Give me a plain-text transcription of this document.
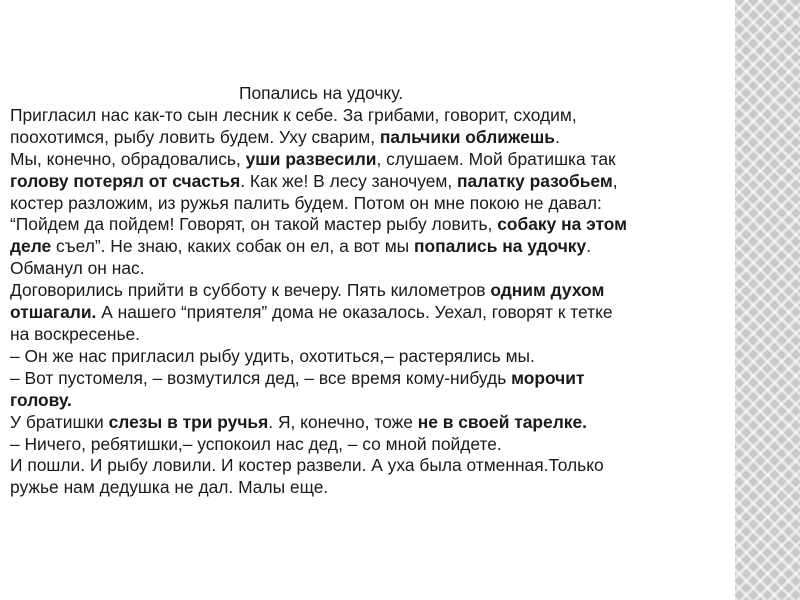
Попались на удочку.
Пригласил нас как-то сын лесник к себе. За грибами, говорит, сходим,
поохотимся, рыбу ловить будем. Уху сварим, пальчики оближешь.
Мы, конечно, обрадовались, уши развесили, слушаем. Мой братишка так
голову потерял от счастья. Как же! В лесу заночуем, палатку разобьем,
костер разложим, из ружья палить будем. Потом он мне покою не давал:
“Пойдем да пойдем! Говорят, он такой мастер рыбу ловить, собаку на этом
деле съел”. Не знаю, каких собак он ел, а вот мы попались на удочку.
Обманул он нас.
Договорились прийти в субботу к вечеру. Пять километров одним духом
отшагали. А нашего “приятеля” дома не оказалось. Уехал, говорят к тетке
на воскресенье.
– Он же нас пригласил рыбу удить, охотиться,– растерялись мы.
– Вот пустомеля, – возмутился дед, – все время кому-нибудь морочит
голову.
У братишки слезы в три ручья. Я, конечно, тоже не в своей тарелке.
– Ничего, ребятишки,– успокоил нас дед, – со мной пойдете.
И пошли. И рыбу ловили. И костер развели. А уха была отменная.Только
ружье нам дедушка не дал. Малы еще.
